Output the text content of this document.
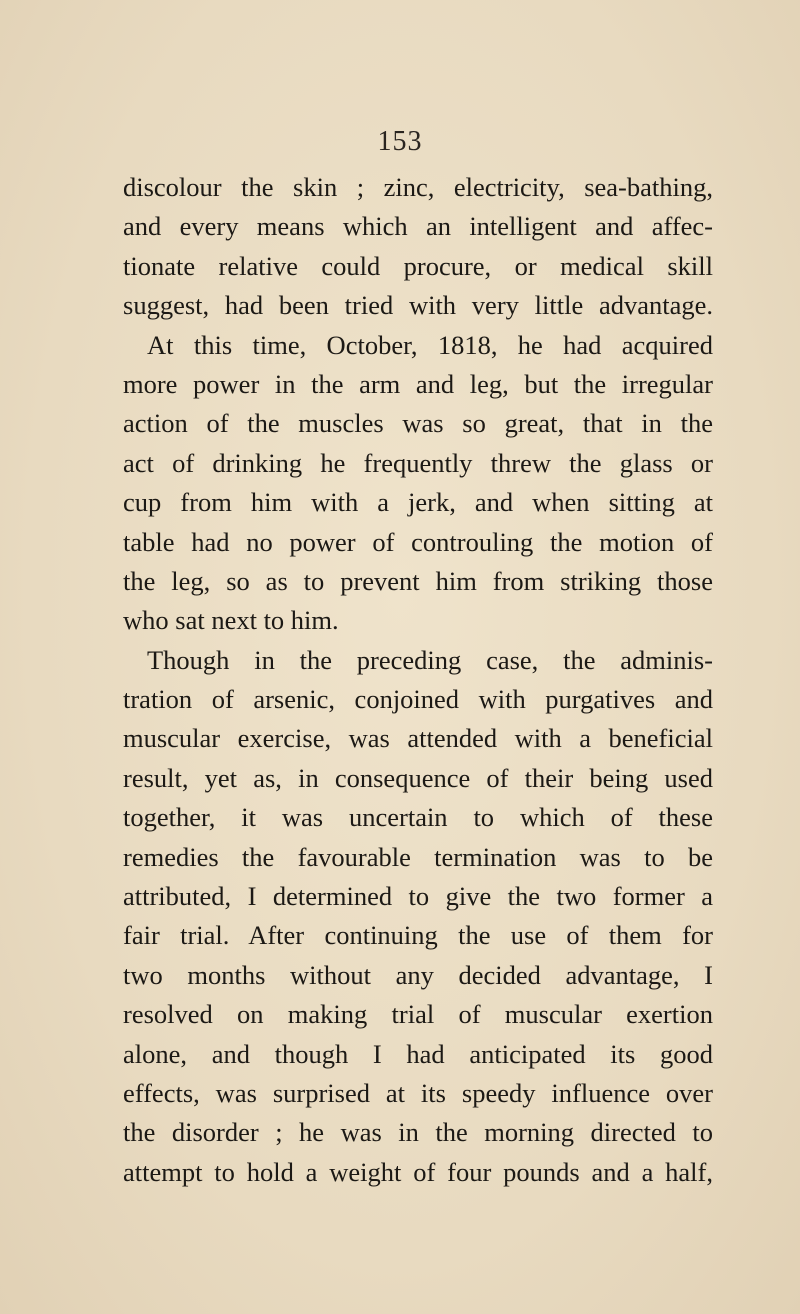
153
discolour the skin ; zinc, electricity, sea-bathing,
and every means which an intelligent and affec-
tionate relative could procure, or medical skill
suggest, had been tried with very little advantage.
At this time, October, 1818, he had acquired
more power in the arm and leg, but the irregular
action of the muscles was so great, that in the
act of drinking he frequently threw the glass or
cup from him with a jerk, and when sitting at
table had no power of controuling the motion of
the leg, so as to prevent him from striking those
who sat next to him.
Though in the preceding case, the adminis-
tration of arsenic, conjoined with purgatives and
muscular exercise, was attended with a beneficial
result, yet as, in consequence of their being used
together, it was uncertain to which of these
remedies the favourable termination was to be
attributed, I determined to give the two former a
fair trial. After continuing the use of them for
two months without any decided advantage, I
resolved on making trial of muscular exertion
alone, and though I had anticipated its good
effects, was surprised at its speedy influence over
the disorder ; he was in the morning directed to
attempt to hold a weight of four pounds and a half,
